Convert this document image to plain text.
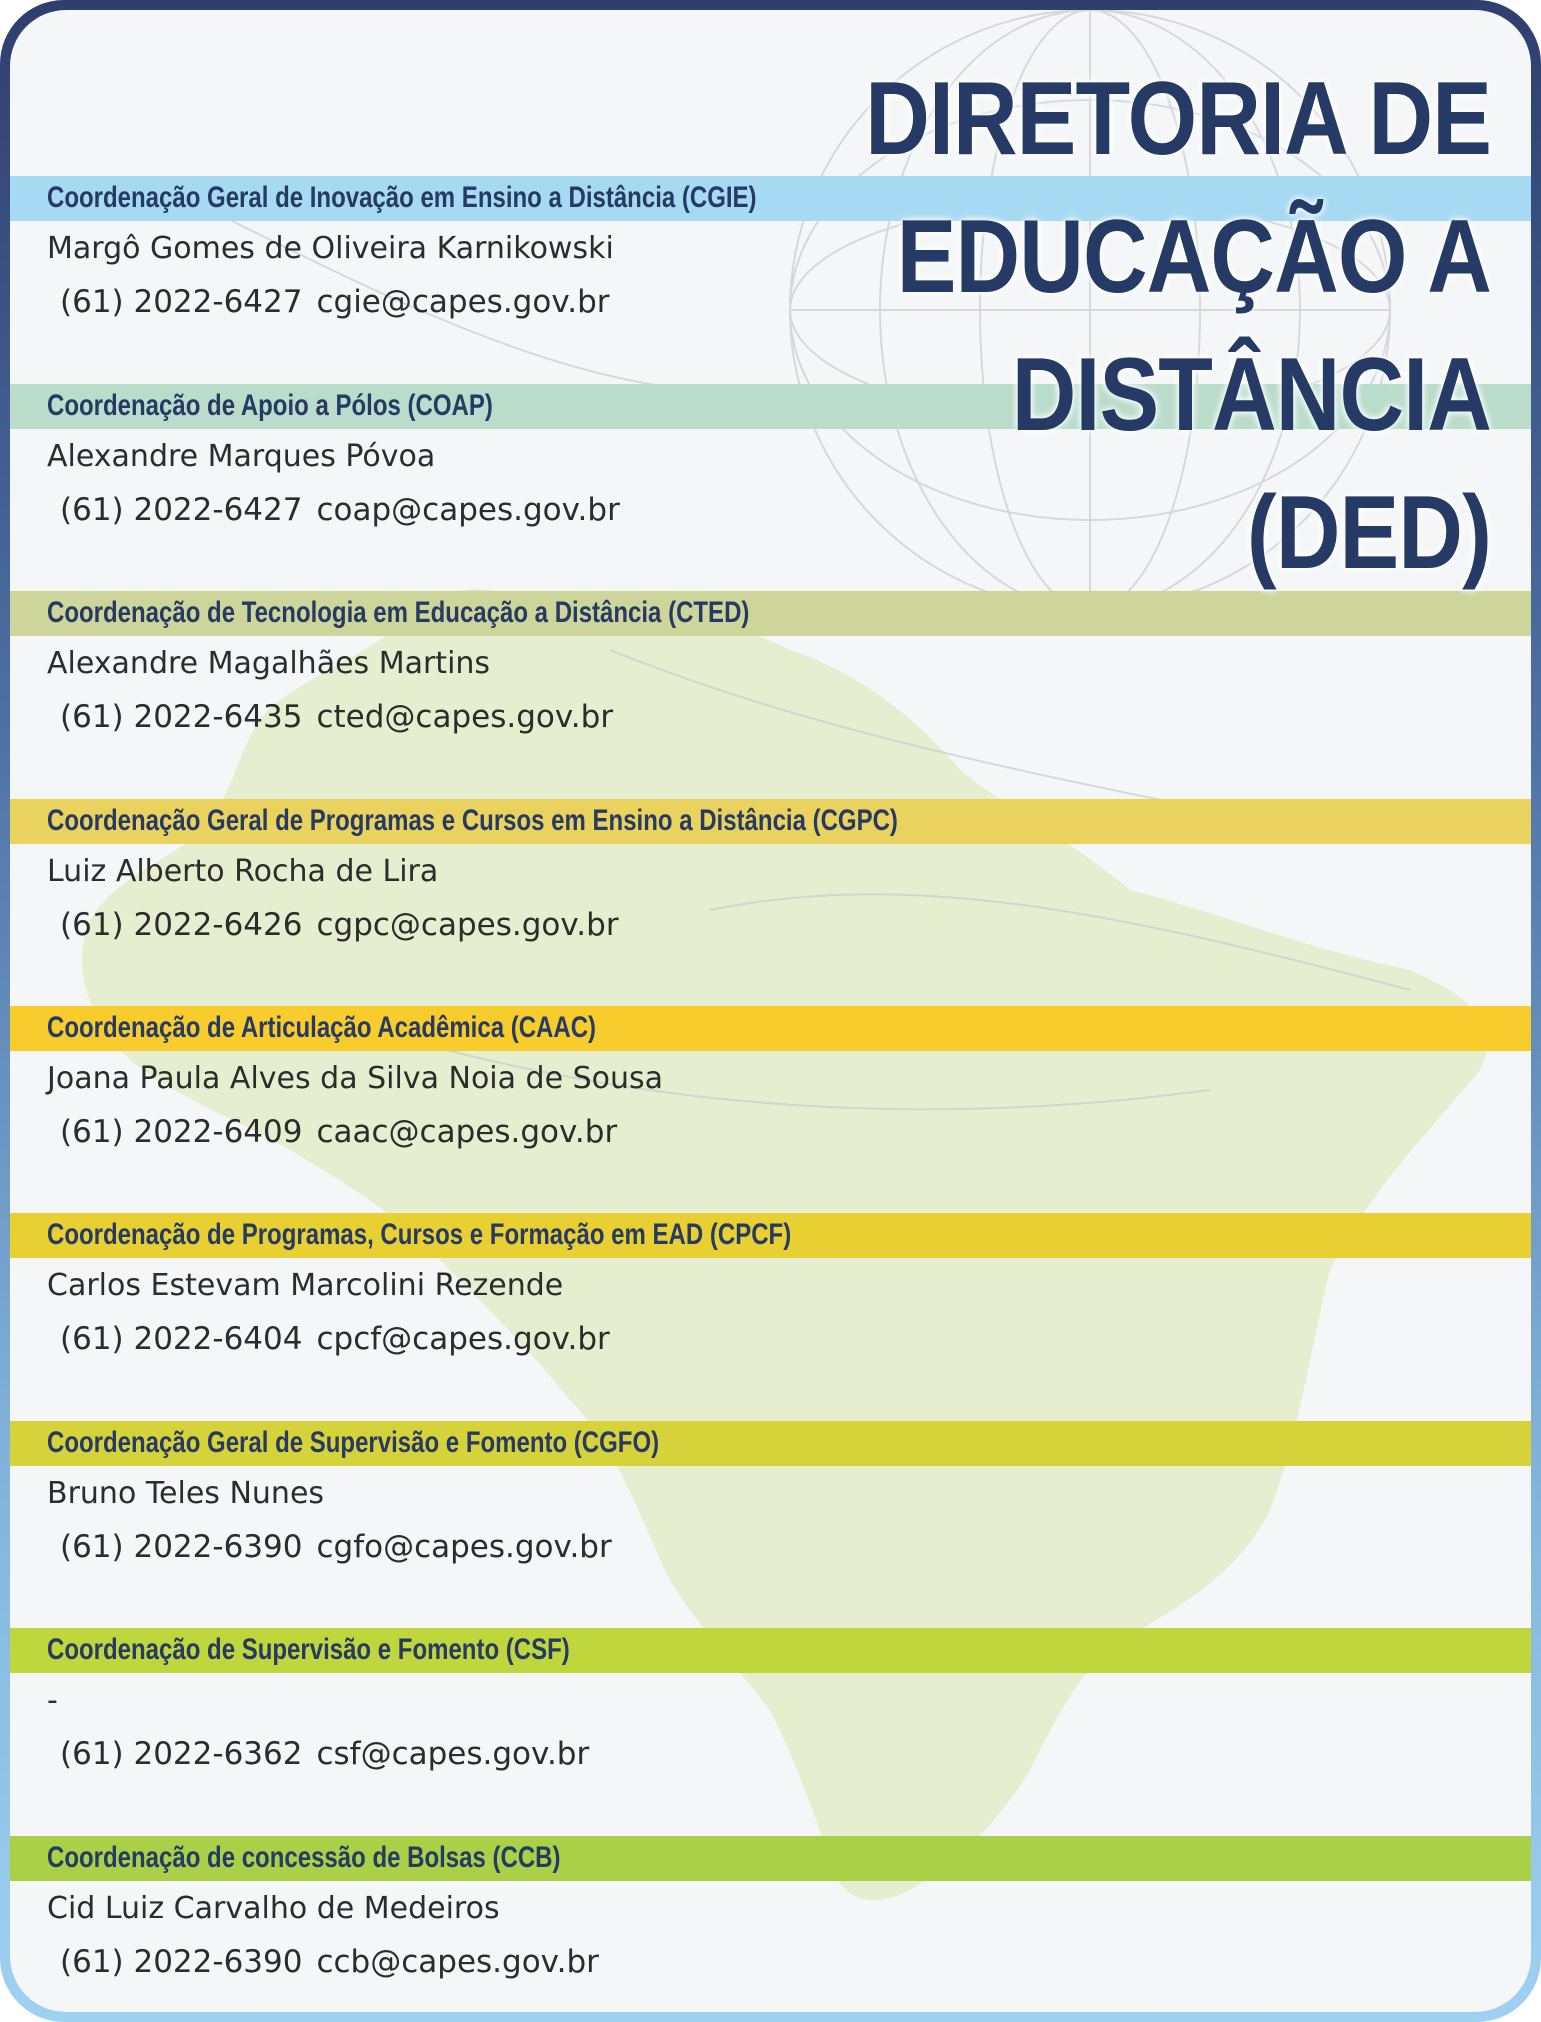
DIRETORIA DE
EDUCAÇÃO A
DISTÂNCIA (DED)
Coordenação Geral de Inovação em Ensino a Distância (CGIE)
Margô Gomes de Oliveira Karnikowski
(61) 2022-6427 cgie@capes.gov.br
Coordenação de Apoio a Pólos (COAP)
Alexandre Marques Póvoa
(61) 2022-6427 coap@capes.gov.br
Coordenação de Tecnologia em Educação a Distância (CTED)
Alexandre Magalhães Martins
(61) 2022-6435 cted@capes.gov.br
Coordenação Geral de Programas e Cursos em Ensino a Distância (CGPC)
Luiz Alberto Rocha de Lira
(61) 2022-6426 cgpc@capes.gov.br
Coordenação de Articulação Acadêmica (CAAC)
Joana Paula Alves da Silva Noia de Sousa
(61) 2022-6409 caac@capes.gov.br
Coordenação de Programas, Cursos e Formação em EAD (CPCF)
Carlos Estevam Marcolini Rezende
(61) 2022-6404 cpcf@capes.gov.br
Coordenação Geral de Supervisão e Fomento (CGFO)
Bruno Teles Nunes
(61) 2022-6390 cgfo@capes.gov.br
Coordenação de Supervisão e Fomento (CSF)
-
(61) 2022-6362 csf@capes.gov.br
Coordenação de concessão de Bolsas (CCB)
Cid Luiz Carvalho de Medeiros
(61) 2022-6390 ccb@capes.gov.br
